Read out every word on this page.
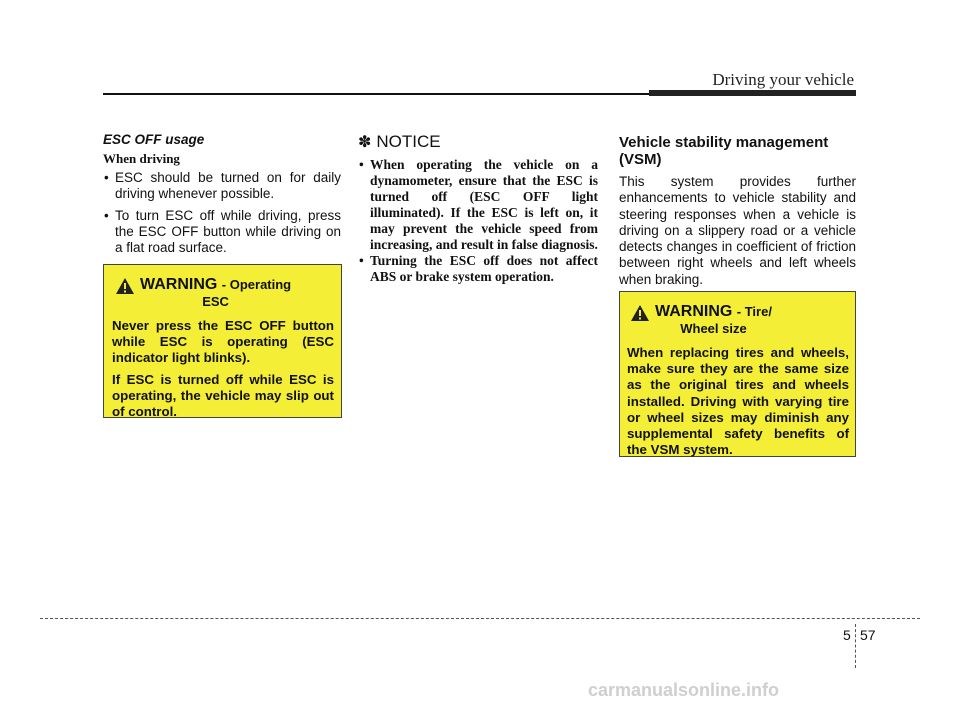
Driving your vehicle

ESC OFF usage

When driving

• ESC should be turned on for daily driving whenever possible.
• To turn ESC off while driving, press the ESC OFF button while driving on a flat road surface.
WARNING - Operating
ESC

Never press the ESC OFF button while ESC is operating (ESC indicator light blinks).

If ESC is turned off while ESC is operating, the vehicle may slip out of control.

✽ NOTICE
• When operating the vehicle on a dynamometer, ensure that the ESC is turned off (ESC OFF light illuminated). If the ESC is left on, it may prevent the vehicle speed from increasing, and result in false diagnosis.
• Turning the ESC off does not affect ABS or brake system operation.

Vehicle stability management (VSM)

This system provides further enhancements to vehicle stability and steering responses when a vehicle is driving on a slippery road or a vehicle detects changes in coefficient of friction between right wheels and left wheels when braking.

WARNING - Tire/
Wheel size

When replacing tires and wheels, make sure they are the same size as the original tires and wheels installed. Driving with varying tire or wheel sizes may diminish any supplemental safety benefits of the VSM system.

5 57
carmanualsonline.info
